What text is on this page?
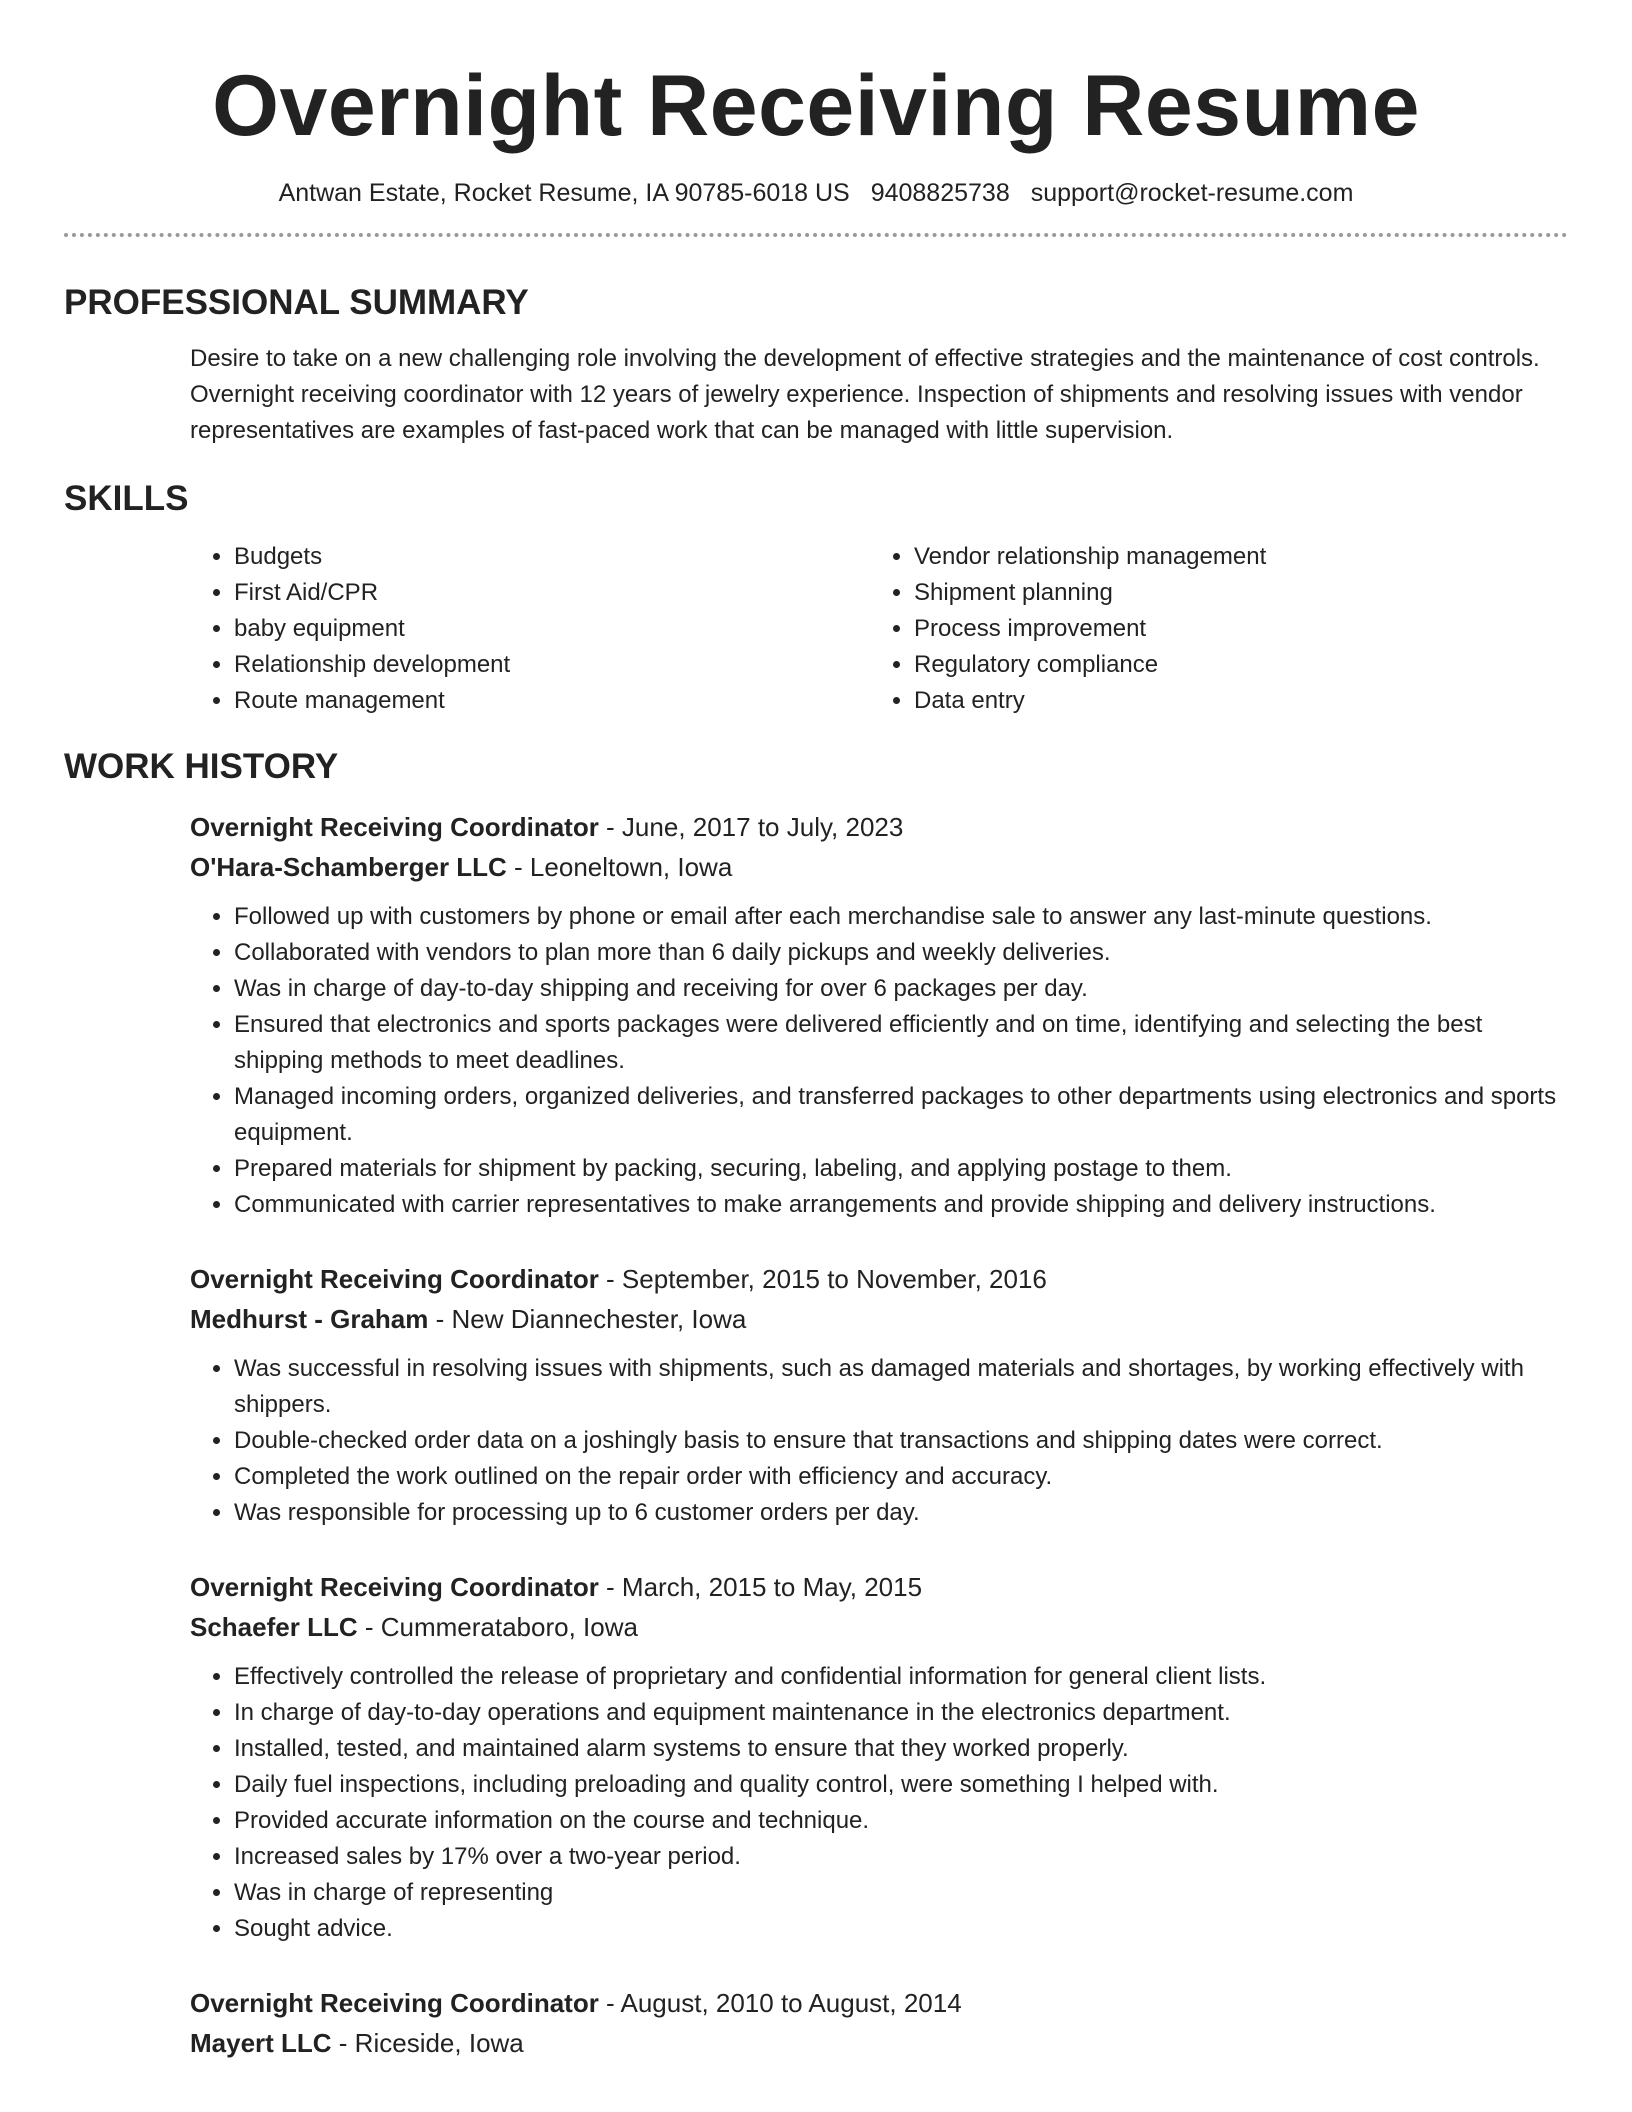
Overnight Receiving Resume
Antwan Estate, Rocket Resume, IA 90785-6018 US 9408825738 support@rocket-resume.com
PROFESSIONAL SUMMARY
Desire to take on a new challenging role involving the development of effective strategies and the maintenance of cost controls. Overnight receiving coordinator with 12 years of jewelry experience. Inspection of shipments and resolving issues with vendor representatives are examples of fast-paced work that can be managed with little supervision.
SKILLS
• Budgets
• First Aid/CPR
• baby equipment
• Relationship development
• Route management
• Vendor relationship management
• Shipment planning
• Process improvement
• Regulatory compliance
• Data entry
WORK HISTORY
Overnight Receiving Coordinator - June, 2017 to July, 2023
O'Hara-Schamberger LLC - Leoneltown, Iowa
• Followed up with customers by phone or email after each merchandise sale to answer any last-minute questions.
• Collaborated with vendors to plan more than 6 daily pickups and weekly deliveries.
• Was in charge of day-to-day shipping and receiving for over 6 packages per day.
• Ensured that electronics and sports packages were delivered efficiently and on time, identifying and selecting the best shipping methods to meet deadlines.
• Managed incoming orders, organized deliveries, and transferred packages to other departments using electronics and sports equipment.
• Prepared materials for shipment by packing, securing, labeling, and applying postage to them.
• Communicated with carrier representatives to make arrangements and provide shipping and delivery instructions.
Overnight Receiving Coordinator - September, 2015 to November, 2016
Medhurst - Graham - New Diannechester, Iowa
• Was successful in resolving issues with shipments, such as damaged materials and shortages, by working effectively with shippers.
• Double-checked order data on a joshingly basis to ensure that transactions and shipping dates were correct.
• Completed the work outlined on the repair order with efficiency and accuracy.
• Was responsible for processing up to 6 customer orders per day.
Overnight Receiving Coordinator - March, 2015 to May, 2015
Schaefer LLC - Cummerataboro, Iowa
• Effectively controlled the release of proprietary and confidential information for general client lists.
• In charge of day-to-day operations and equipment maintenance in the electronics department.
• Installed, tested, and maintained alarm systems to ensure that they worked properly.
• Daily fuel inspections, including preloading and quality control, were something I helped with.
• Provided accurate information on the course and technique.
• Increased sales by 17% over a two-year period.
• Was in charge of representing
• Sought advice.
Overnight Receiving Coordinator - August, 2010 to August, 2014
Mayert LLC - Riceside, Iowa
